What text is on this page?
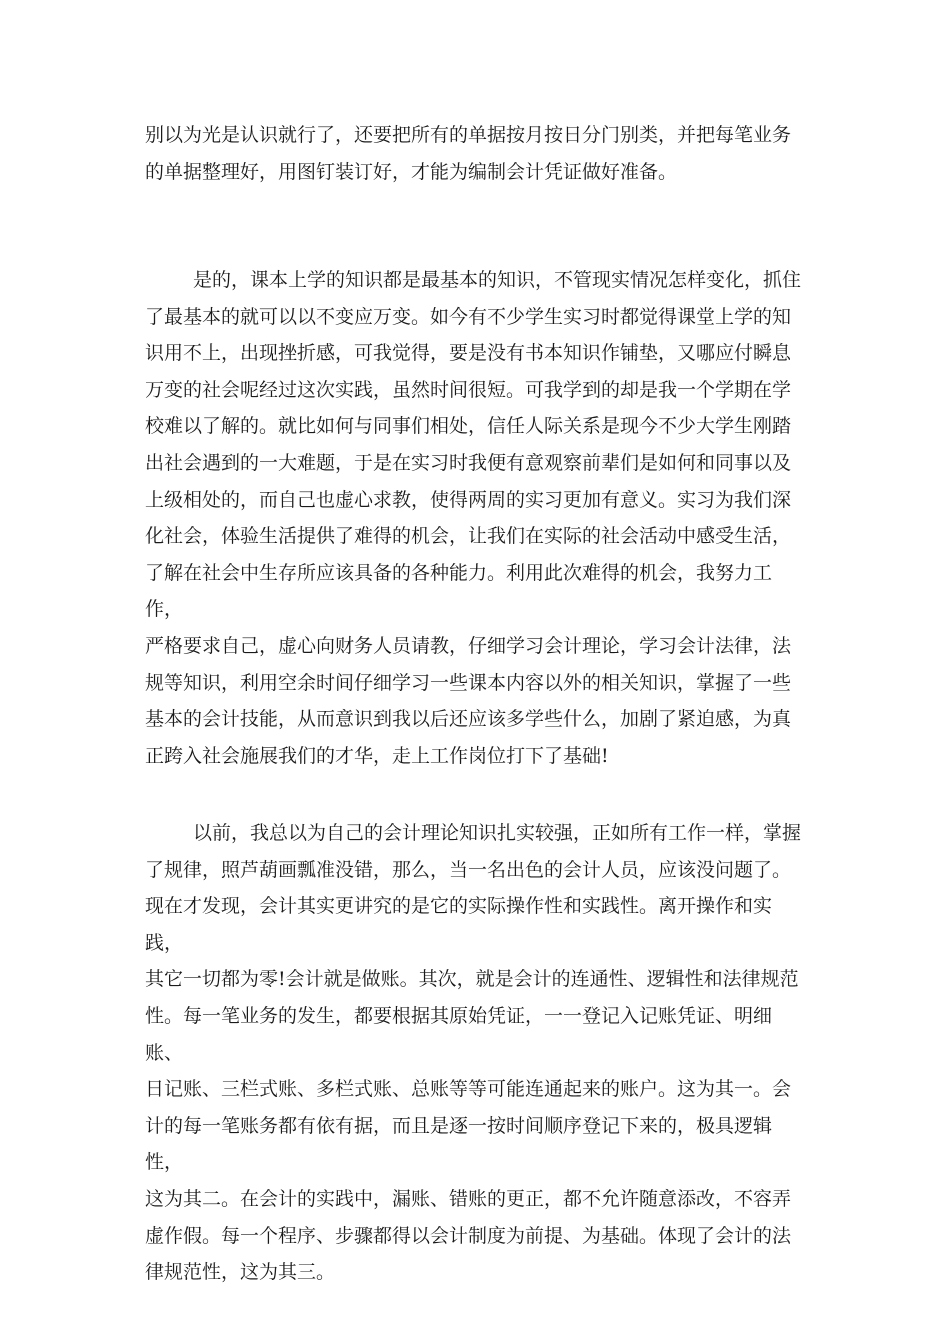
别以为光是认识就行了，还要把所有的单据按月按日分门别类，并把每笔业务
的单据整理好，用图钉装订好，才能为编制会计凭证做好准备。

是的，课本上学的知识都是最基本的知识，不管现实情况怎样变化，抓住
了最基本的就可以以不变应万变。如今有不少学生实习时都觉得课堂上学的知
识用不上，出现挫折感，可我觉得，要是没有书本知识作铺垫，又哪应付瞬息
万变的社会呢经过这次实践，虽然时间很短。可我学到的却是我一个学期在学
校难以了解的。就比如何与同事们相处，信任人际关系是现今不少大学生刚踏
出社会遇到的一大难题，于是在实习时我便有意观察前辈们是如何和同事以及
上级相处的，而自己也虚心求教，使得两周的实习更加有意义。实习为我们深
化社会，体验生活提供了难得的机会，让我们在实际的社会活动中感受生活，
了解在社会中生存所应该具备的各种能力。利用此次难得的机会，我努力工作，
严格要求自己，虚心向财务人员请教，仔细学习会计理论，学习会计法律，法
规等知识，利用空余时间仔细学习一些课本内容以外的相关知识，掌握了一些
基本的会计技能，从而意识到我以后还应该多学些什么，加剧了紧迫感，为真
正跨入社会施展我们的才华，走上工作岗位打下了基础!

以前，我总以为自己的会计理论知识扎实较强，正如所有工作一样，掌握
了规律，照芦葫画瓢准没错，那么，当一名出色的会计人员，应该没问题了。
现在才发现，会计其实更讲究的是它的实际操作性和实践性。离开操作和实践，
其它一切都为零!会计就是做账。其次，就是会计的连通性、逻辑性和法律规范
性。每一笔业务的发生，都要根据其原始凭证，一一登记入记账凭证、明细账、
日记账、三栏式账、多栏式账、总账等等可能连通起来的账户。这为其一。会
计的每一笔账务都有依有据，而且是逐一按时间顺序登记下来的，极具逻辑性，
这为其二。在会计的实践中，漏账、错账的更正，都不允许随意添改，不容弄
虚作假。每一个程序、步骤都得以会计制度为前提、为基础。体现了会计的法
律规范性，这为其三。
